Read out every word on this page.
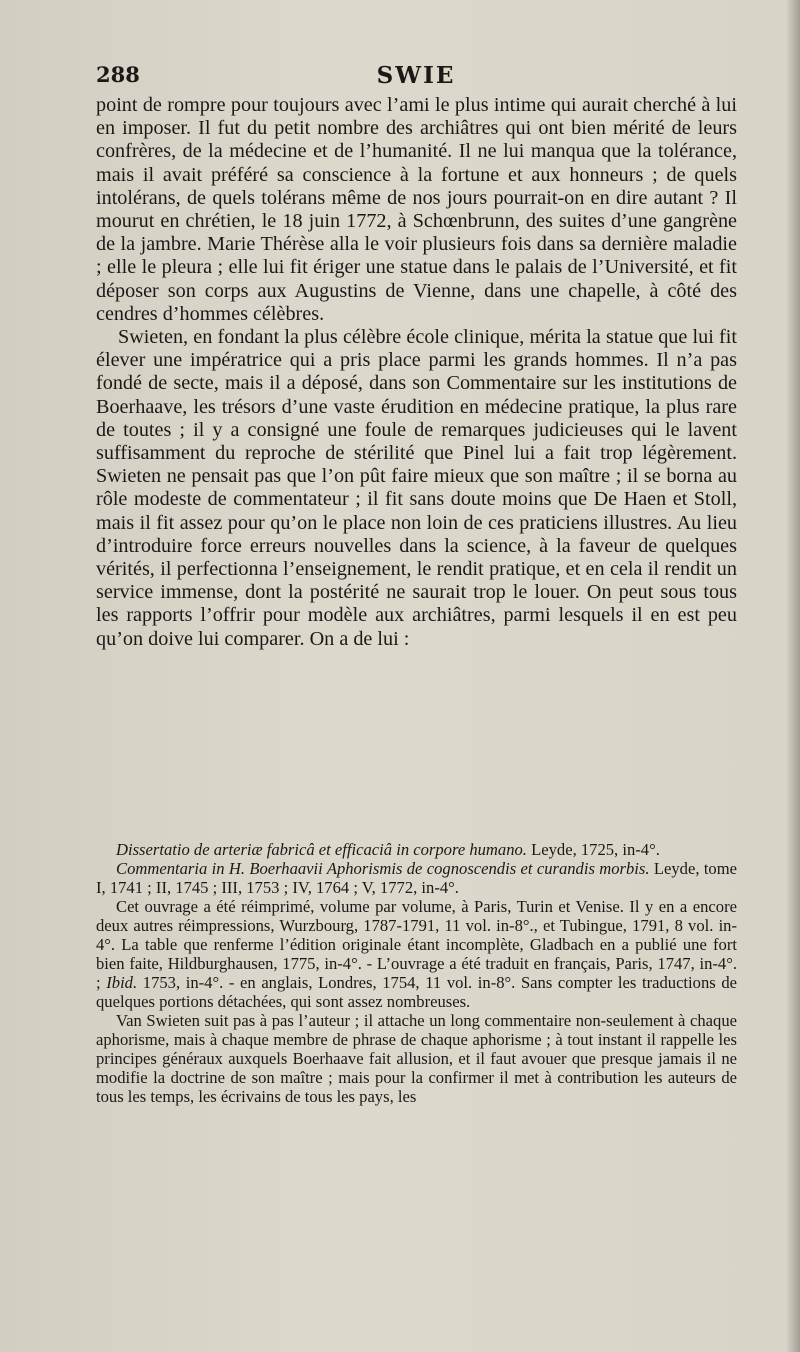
288	SWIE

point de rompre pour toujours avec l’ami le plus intime qui aurait cherché à lui en imposer. Il fut du petit nombre des archiâtres qui ont bien mérité de leurs confrères, de la médecine et de l’humanité. Il ne lui manqua que la tolérance, mais il avait préféré sa conscience à la fortune et aux honneurs ; de quels intolérans, de quels tolérans même de nos jours pourrait-on en dire autant ? Il mourut en chrétien, le 18 juin 1772, à Schœnbrunn, des suites d’une gangrène de la jambre. Marie Thérèse alla le voir plusieurs fois dans sa dernière maladie ; elle le pleura ; elle lui fit ériger une statue dans le palais de l’Université, et fit déposer son corps aux Augustins de Vienne, dans une chapelle, à côté des cendres d’hommes célèbres.

Swieten, en fondant la plus célèbre école clinique, mérita la statue que lui fit élever une impératrice qui a pris place parmi les grands hommes. Il n’a pas fondé de secte, mais il a déposé, dans son Commentaire sur les institutions de Boerhaave, les trésors d’une vaste érudition en médecine pratique, la plus rare de toutes ; il y a consigné une foule de remarques judicieuses qui le lavent suffisamment du reproche de stérilité que Pinel lui a fait trop légèrement. Swieten ne pensait pas que l’on pût faire mieux que son maître ; il se borna au rôle modeste de commentateur ; il fit sans doute moins que De Haen et Stoll, mais il fit assez pour qu’on le place non loin de ces praticiens illustres. Au lieu d’introduire force erreurs nouvelles dans la science, à la faveur de quelques vérités, il perfectionna l’enseignement, le rendit pratique, et en cela il rendit un service immense, dont la postérité ne saurait trop le louer. On peut sous tous les rapports l’offrir pour modèle aux archiâtres, parmi lesquels il en est peu qu’on doive lui comparer. On a de lui :

Dissertatio de arteriæ fabricâ et efficaciâ in corpore humano. Leyde, 1725, in-4°.

Commentaria in H. Boerhaavii Aphorismis de cognoscendis et curandis morbis. Leyde, tome I, 1741 ; II, 1745 ; III, 1753 ; IV, 1764 ; V, 1772, in-4°.

Cet ouvrage a été réimprimé, volume par volume, à Paris, Turin et Venise. Il y en a encore deux autres réimpressions, Wurzbourg, 1787-1791, 11 vol. in-8°., et Tubingue, 1791, 8 vol. in-4°. La table que renferme l’édition originale étant incomplète, Gladbach en a publié une fort bien faite, Hildburghausen, 1775, in-4°. - L’ouvrage a été traduit en français, Paris, 1747, in-4°. ; Ibid. 1753, in-4°. - en anglais, Londres, 1754, 11 vol. in-8°. Sans compter les traductions de quelques portions détachées, qui sont assez nombreuses.

Van Swieten suit pas à pas l’auteur ; il attache un long commentaire non-seulement à chaque aphorisme, mais à chaque membre de phrase de chaque aphorisme ; à tout instant il rappelle les principes généraux auxquels Boerhaave fait allusion, et il faut avouer que presque jamais il ne modifie la doctrine de son maître ; mais pour la confirmer il met à contribution les auteurs de tous les temps, les écrivains de tous les pays, les
